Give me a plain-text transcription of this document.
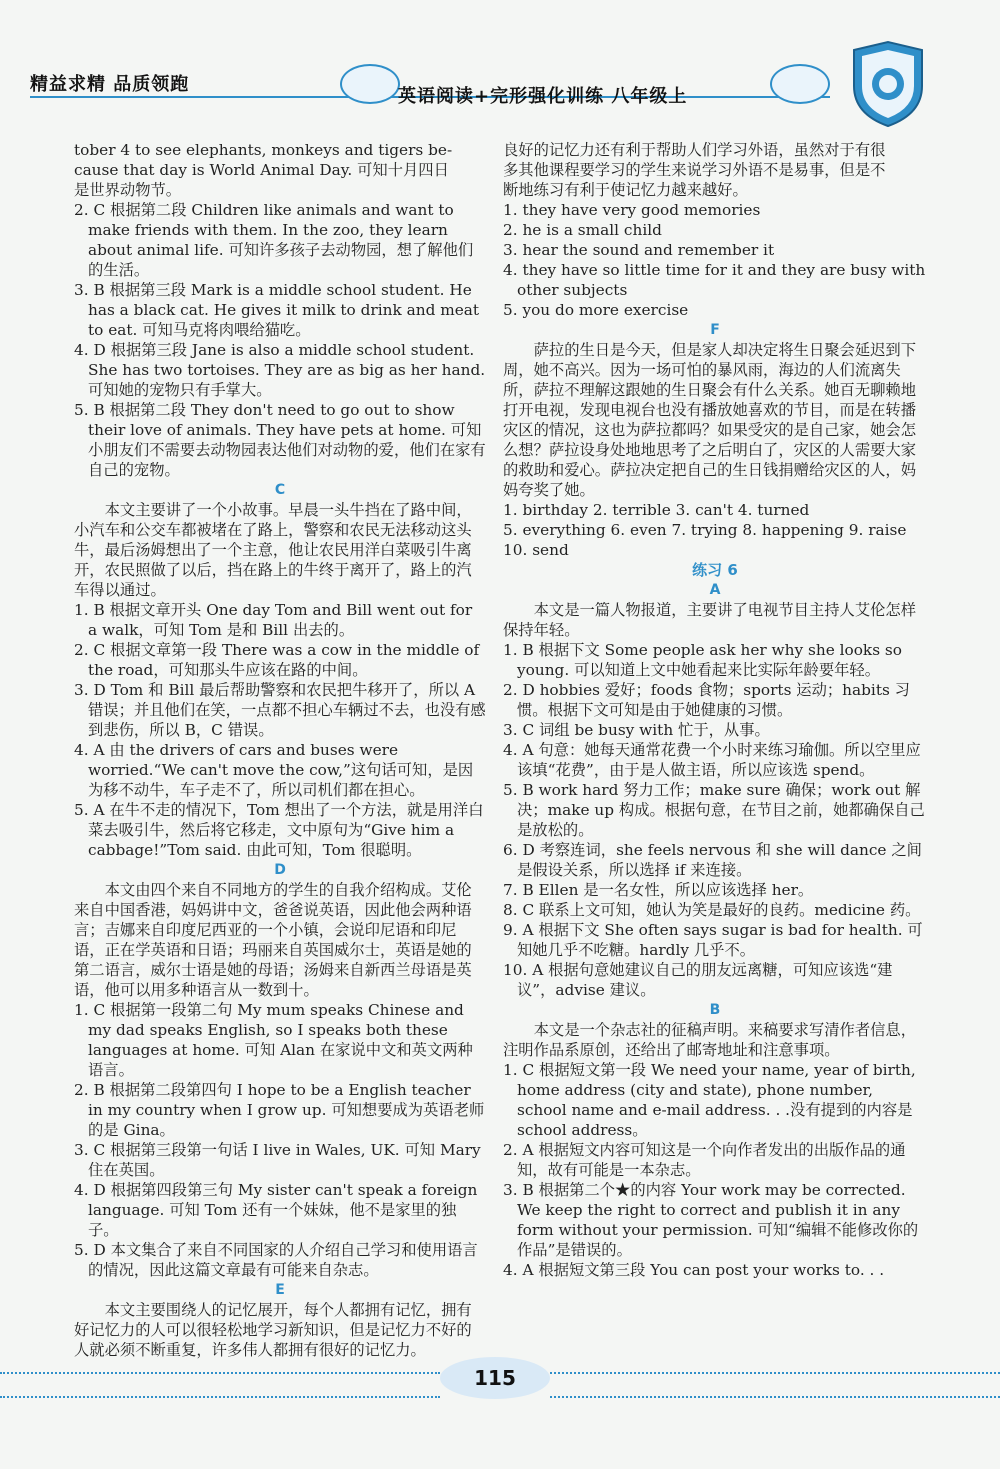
精益求精 品质领跑
英语阅读+完形强化训练 八年级上

tober 4 to see elephants, monkeys and tigers be-

cause that day is World Animal Day. 可知十月四日

是世界动物节。

2. C 根据第二段 Children like animals and want to make friends with them. In the zoo, they learn about animal life. 可知许多孩子去动物园，想了解他们的生活。

3. B 根据第三段 Mark is a middle school student. He has a black cat. He gives it milk to drink and meat to eat. 可知马克将肉喂给猫吃。

4. D 根据第三段 Jane is also a middle school student. She has two tortoises. They are as big as her hand. 可知她的宠物只有手掌大。

5. B 根据第二段 They don't need to go out to show their love of animals. They have pets at home. 可知小朋友们不需要去动物园表达他们对动物的爱，他们在家有自己的宠物。

C

本文主要讲了一个小故事。早晨一头牛挡在了路中间，小汽车和公交车都被堵在了路上，警察和农民无法移动这头牛，最后汤姆想出了一个主意，他让农民用洋白菜吸引牛离开，农民照做了以后，挡在路上的牛终于离开了，路上的汽车得以通过。

1. B 根据文章开头 One day Tom and Bill went out for a walk，可知 Tom 是和 Bill 出去的。

2. C 根据文章第一段 There was a cow in the middle of the road，可知那头牛应该在路的中间。

3. D Tom 和 Bill 最后帮助警察和农民把牛移开了，所以 A 错误；并且他们在笑，一点都不担心车辆过不去，也没有感到悲伤，所以 B，C 错误。

4. A 由 the drivers of cars and buses were worried.“We can't move the cow,”这句话可知，是因为移不动牛，车子走不了，所以司机们都在担心。

5. A 在牛不走的情况下，Tom 想出了一个方法，就是用洋白菜去吸引牛，然后将它移走，文中原句为“Give him a cabbage!”Tom said. 由此可知，Tom 很聪明。

D

本文由四个来自不同地方的学生的自我介绍构成。艾伦来自中国香港，妈妈讲中文，爸爸说英语，因此他会两种语言；吉娜来自印度尼西亚的一个小镇，会说印尼语和印尼语，正在学英语和日语；玛丽来自英国威尔士，英语是她的第二语言，威尔士语是她的母语；汤姆来自新西兰母语是英语，他可以用多种语言从一数到十。

1. C 根据第一段第二句 My mum speaks Chinese and my dad speaks English, so I speaks both these languages at home. 可知 Alan 在家说中文和英文两种语言。

2. B 根据第二段第四句 I hope to be a English teacher in my country when I grow up. 可知想要成为英语老师的是 Gina。

3. C 根据第三段第一句话 I live in Wales, UK. 可知 Mary 住在英国。

4. D 根据第四段第三句 My sister can't speak a foreign language. 可知 Tom 还有一个妹妹，他不是家里的独子。

5. D 本文集合了来自不同国家的人介绍自己学习和使用语言的情况，因此这篇文章最有可能来自杂志。

E

本文主要围绕人的记忆展开，每个人都拥有记忆，拥有好记忆力的人可以很轻松地学习新知识，但是记忆力不好的人就必须不断重复，许多伟人都拥有很好的记忆力。

良好的记忆力还有利于帮助人们学习外语，虽然对于有很

多其他课程要学习的学生来说学习外语不是易事，但是不

断地练习有利于使记忆力越来越好。

1. they have very good memories

2. he is a small child

3. hear the sound and remember it

4. they have so little time for it and they are busy with other subjects

5. you do more exercise

F

萨拉的生日是今天，但是家人却决定将生日聚会延迟到下周，她不高兴。因为一场可怕的暴风雨，海边的人们流离失所，萨拉不理解这跟她的生日聚会有什么关系。她百无聊赖地打开电视，发现电视台也没有播放她喜欢的节目，而是在转播灾区的情况，这也为萨拉都吗？如果受灾的是自己家，她会怎么想？萨拉设身处地地思考了之后明白了，灾区的人需要大家的救助和爱心。萨拉决定把自己的生日钱捐赠给灾区的人，妈妈夸奖了她。

1. birthday 2. terrible 3. can't 4. turned

5. everything 6. even 7. trying 8. happening 9. raise

10. send

练习 6

A

本文是一篇人物报道，主要讲了电视节目主持人艾伦怎样保持年轻。

1. B 根据下文 Some people ask her why she looks so young. 可以知道上文中她看起来比实际年龄要年轻。

2. D hobbies 爱好；foods 食物；sports 运动；habits 习惯。根据下文可知是由于她健康的习惯。

3. C 词组 be busy with 忙于，从事。

4. A 句意：她每天通常花费一个小时来练习瑜伽。所以空里应该填“花费”，由于是人做主语，所以应该选 spend。

5. B work hard 努力工作；make sure 确保；work out 解决；make up 构成。根据句意，在节目之前，她都确保自己是放松的。

6. D 考察连词，she feels nervous 和 she will dance 之间是假设关系，所以选择 if 来连接。

7. B Ellen 是一名女性，所以应该选择 her。

8. C 联系上文可知，她认为笑是最好的良药。medicine 药。

9. A 根据下文 She often says sugar is bad for health. 可知她几乎不吃糖。hardly 几乎不。

10. A 根据句意她建议自己的朋友远离糖，可知应该选“建议”，advise 建议。

B

本文是一个杂志社的征稿声明。来稿要求写清作者信息，注明作品系原创，还给出了邮寄地址和注意事项。

1. C 根据短文第一段 We need your name, year of birth, home address (city and state), phone number, school name and e-mail address. . .没有提到的内容是 school address。

2. A 根据短文内容可知这是一个向作者发出的出版作品的通知，故有可能是一本杂志。

3. B 根据第二个★的内容 Your work may be corrected. We keep the right to correct and publish it in any form without your permission. 可知“编辑不能修改你的作品”是错误的。

4. A 根据短文第三段 You can post your works to. . .

115
